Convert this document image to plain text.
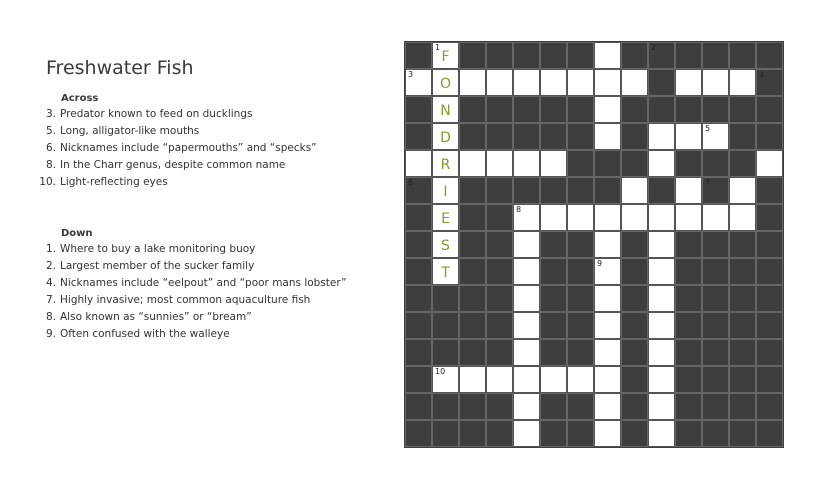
Freshwater Fish
Across
3. Predator known to feed on ducklings
5. Long, alligator-like mouths
6. Nicknames include “papermouths” and “specks”
8. In the Charr genus, despite common name
10. Light-reflecting eyes
Down
1. Where to buy a lake monitoring buoy
2. Largest member of the sucker family
4. Nicknames include “eelpout” and “poor mans lobster”
7. Highly invasive; most common aquaculture fish
8. Also known as “sunnies” or “bream”
9. Often confused with the walleye
1
F
2
3
O
4
N
D
5
R
6
I
7
E
8
S
T
9
10
